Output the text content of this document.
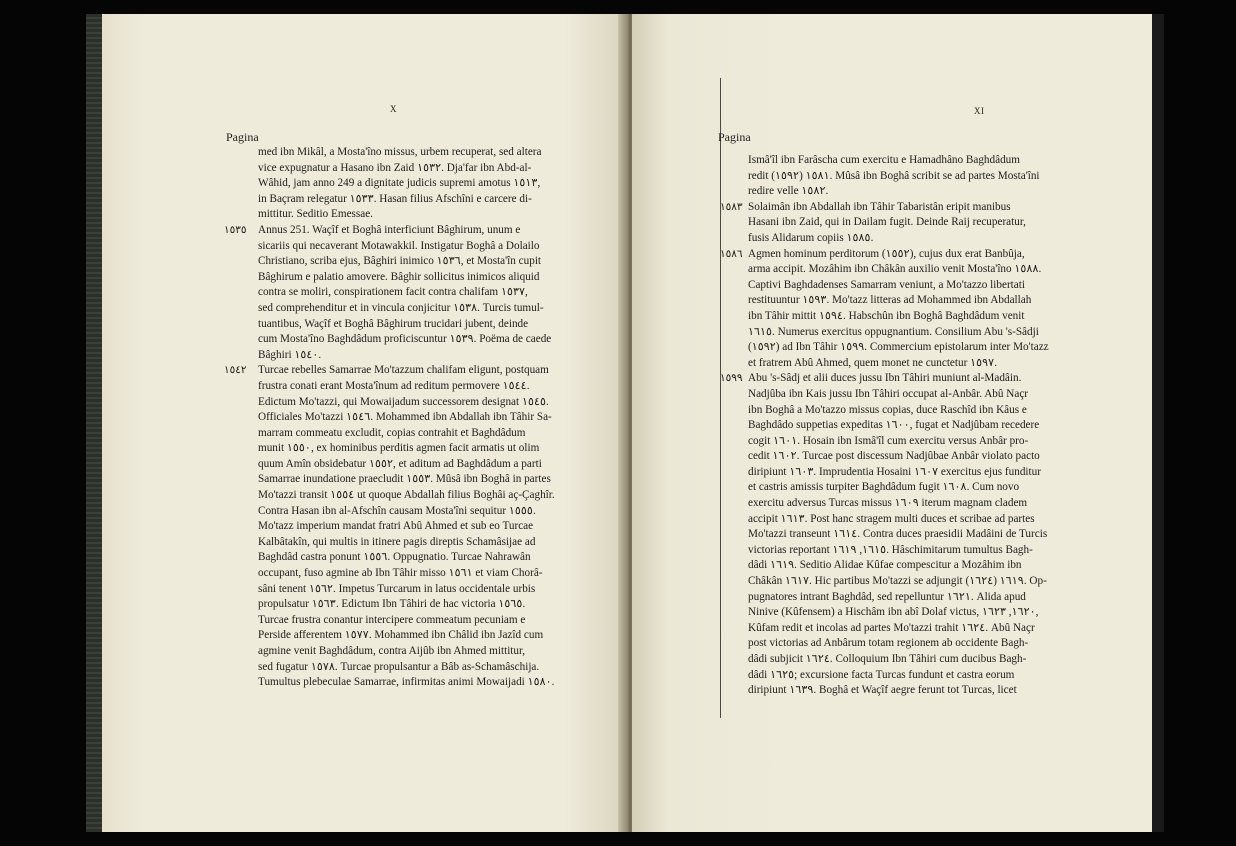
X
Pagina
med ibn Mikâl, a Mosta'îno missus, urbem recuperat, sed altera
vice expugnatur a Hasano ibn Zaid ١٥٣٢. Dja'far ibn Abd-al-
Wâhid, jam anno 249 a dignitate judicis supremi amotus ١٥١٣,
in Baçram relegatur ١٥٣٣. Hasan filius Afschîni e carcere di-
mittitur. Seditio Emessae.
Annus 251. Waçîf et Boghâ interficiunt Bâghirum, unum e
sicariis qui necaverant Motawakkil. Instigatur Boghâ a Dolailo
Christiano, scriba ejus, Bâghiri inimico ١٥٣٦, et Mosta'în cupit
Bâghirum e palatio amovere. Bâghir sollicitus inimicos aliquid
contra se moliri, conspirationem facit contra chalifam ١٥٣٧,
sed comprehenditur et in vincula conjicitur ١٥٣٨. Turcis tumul-
tuantibus, Waçîf et Boghâ Bâghirum trucidari jubent, deinde
cum Mosta'îno Baghdâdum proficiscuntur ١٥٣٩. Poëma de caede
Bâghiri ١٥٤٠.
Turcae rebelles Samarrae Mo'tazzum chalifam eligunt, postquam
frustra conati erant Mosta'înum ad reditum permovere ١٥٤٤.
Edictum Mo'tazzi, qui Mowaijadum successorem designat ١٥٤٥.
Officiales Mo'tazzi ١٥٤٦. Mohammed ibn Abdallah ibn Tâhir Sa-
marram commeatu excludit, copias contrahit et Baghdâdum
munit ١٥٥٠, ex hominibus perditis agmen facit armatis ut olim
quum Amîn obsidebatur ١٥٥٢, et aditum ad Baghdâdum a parti
Samarrae inundatione praecludit ١٥٥٣. Mûsâ ibn Boghâ in partes
Mo'tazzi transit ١٥٥٤ ut quoque Abdallah filius Boghâi aç-Çaghîr.
Contra Hasan ibn al-Afschîn causam Mosta'îni sequitur ١٥٥٥.
Mo'tazz imperium mandat fratri Abû Ahmed et sub eo Turcae
Kalbâtakîn, qui multis in itinere pagis direptis Schamâsijae ad
Baghdâd castra ponunt ١٥٥٦. Oppugnatio. Turcae Nahrawân
occupant, fuso agmine ab Ibn Tâhir misso ١٥٦١ et viam Chorâ-
sâni tenent ١٥٦٢. Impetus Turcarum in latus occidentale urbis
propulsatur ١٥٦٣. Edictum Ibn Tâhiri de hac victoria ١٥٦٥.
Turcae frustra conantur intercipere commeatum pecuniam e
Perside afferentem ١٥٧٧. Mohammed ibn Châlid ibn Jazîd cum
agmine venit Baghdâdum, contra Aijûb ibn Ahmed mittitur,
sed fugatur ١٥٧٨. Turcae propulsantur a Bâb as-Schamâschija.
Tumultus plebeculae Samarrae, infirmitas animi Mowaijadi ١٥٨٠.
١٥٣٥
١٥٤٢
XI
Pagina
Ismâ'îl ibn Farâscha cum exercitu e Hamadhâno Baghdâdum
redit (١٥٩٢) ١٥٨١. Mûsâ ibn Boghâ scribit se ad partes Mosta'îni
redire velle ١٥٨٢.
Solaimân ibn Abdallah ibn Tâhir Tabaristân eripit manibus
Hasani ibn Zaid, qui in Dailam fugit. Deinde Raij recuperatur,
fusis Alidarum copiis ١٥٨٥.
Agmen hominum perditorum (١٥٥٢), cujus dux erat Banbûja,
arma accipit. Mozâhim ibn Châkân auxilio venit Mosta'îno ١٥٨٨.
Captivi Baghdadenses Samarram veniunt, a Mo'tazzo libertati
restituuntur ١٥٩٣. Mo'tazz litteras ad Mohammed ibn Abdallah
ibn Tâhir mittit ١٥٩٤. Habschûn ibn Boghâ Baghdâdum venit
١٦١٥. Numerus exercitus oppugnantium. Consilium Abu 's-Sâdji
(١٥٩٢) ad Ibn Tâhir ١٥٩٩. Commercium epistolarum inter Mo'tazz
et fratrem Abû Ahmed, quem monet ne cunctetur ١٥٩٧.
Abu 's-Sâdj et alii duces jussu Ibn Tâhiri muniunt al-Madâin.
Nadjûba ibn Kais jussu Ibn Tâhiri occupat al-Anbâr. Abû Naçr
ibn Boghâ a Mo'tazzo missus copias, duce Raschîd ibn Kâus e
Baghdâdo suppetias expeditas ١٦٠٠, fugat et Nadjûbam recedere
cogit ١٦٠١. Hosain ibn Ismâ'îl cum exercitu versus Anbâr pro-
cedit ١٦٠٢. Turcae post discessum Nadjûbae Anbâr violato pacto
diripiunt ١٦٠٣. Imprudentia Hosaini ١٦٠٧ exercitus ejus funditur
et castris amissis turpiter Baghdâdum fugit ١٦٠٨. Cum novo
exercitu adversus Turcas missus ١٦٠٩ iterum magnam cladem
accipit ١٦١٣. Post hanc stragem multi duces et scribae ad partes
Mo'tazzi transeunt ١٦١٤. Contra duces praesidii Madâini de Turcis
victorias reportant ١٦١٥, ١٦١٩. Hâschimitarum tumultus Bagh-
dâdi ١٦١٩. Seditio Alidae Kûfae compescitur a Mozâhim ibn
Châkân ١٦١٧. Hic partibus Mo'tazzi se adjungit ١٦١٩ (١٦٢٤). Op-
pugnatores intrant Baghdâd, sed repelluntur ١٦٢١. Alida apud
Ninive (Kûfensem) a Hischâm ibn abî Dolaf victus, ١٦٢٠, ١٦٢٣,
Kûfam redit et incolas ad partes Mo'tazzi trahit ١٦٢٤. Abû Naçr
post victorias ad Anbârum totam regionem ab occidente Bagh-
dâdi subjicit ١٦٢٤. Colloquium Ibn Tâhiri cum ducibus Bagh-
dâdi ١٦٢٥; excursione facta Turcas fundunt et castra eorum
diripiunt ١٦٣٩. Boghâ et Waçîf aegre ferunt tot Turcas, licet
١٥٨٣
١٥٨٦
١٥٩٩
